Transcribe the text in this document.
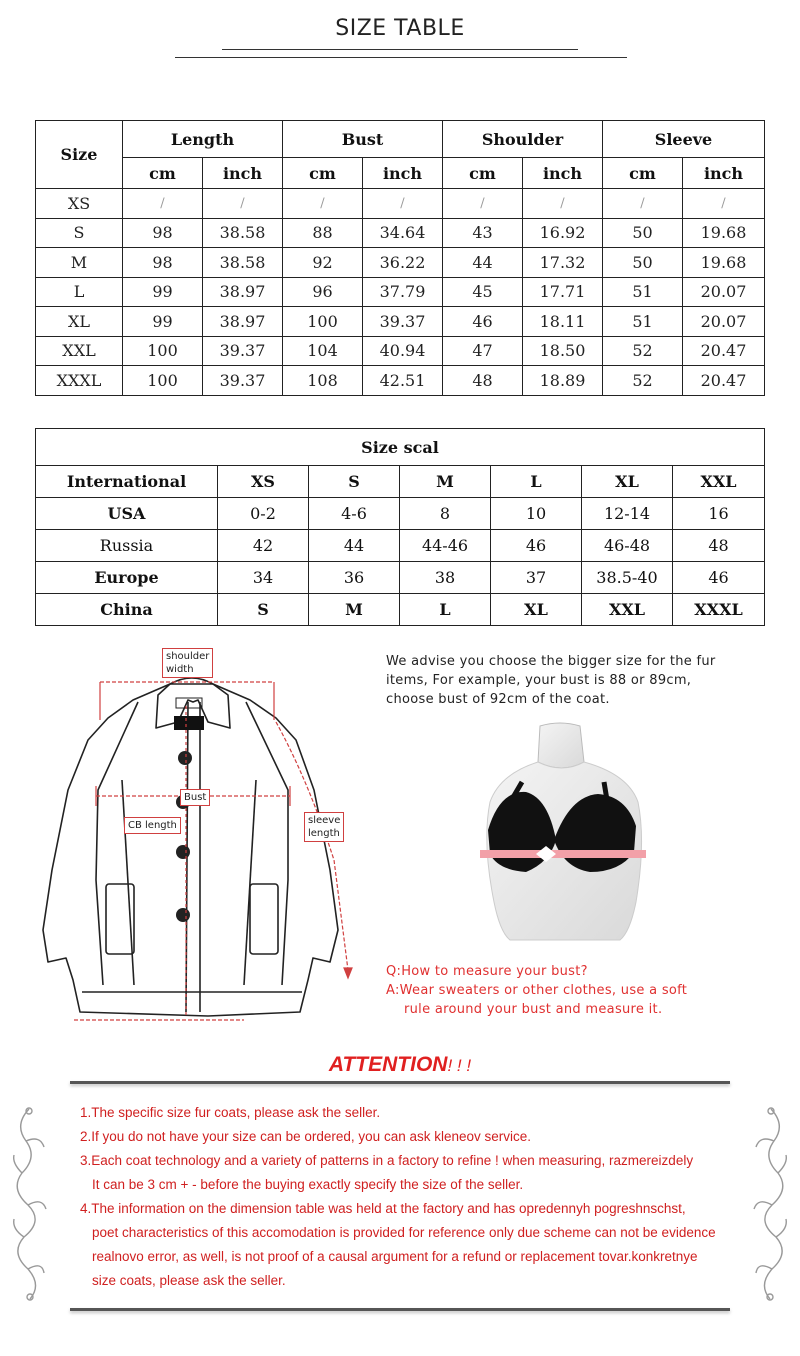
SIZE TABLE
Size	Length		Bust		Shoulder		Sleeve	
	cm	inch	cm	inch	cm	inch	cm	inch
XS	/	/	/	/	/	/	/	/
S	98	38.58	88	34.64	43	16.92	50	19.68
M	98	38.58	92	36.22	44	17.32	50	19.68
L	99	38.97	96	37.79	45	17.71	51	20.07
XL	99	38.97	100	39.37	46	18.11	51	20.07
XXL	100	39.37	104	40.94	47	18.50	52	20.47
XXXL	100	39.37	108	42.51	48	18.89	52	20.47
Size scal						
International	XS	S	M	L	XL	XXL
USA	0-2	4-6	8	10	12-14	16
Russia	42	44	44-46	46	46-48	48
Europe	34	36	38	37	38.5-40	46
China	S	M	L	XL	XXL	XXXL
shoulder
width
Bust
CB length	sleeve
length
We advise you choose the bigger size for the fur
items, For example, your bust is 88 or 89cm,
choose bust of 92cm of the coat.
Q:How to measure your bust?
A:Wear sweaters or other clothes, use a soft
rule around your bust and measure it.
ATTENTION! ! !
1.The specific size fur coats, please ask the seller.
2.If you do not have your size can be ordered, you can ask kleneov service.
3.Each coat technology and a variety of patterns in a factory to refine ! when measuring, razmereizdely
It can be 3 cm + - before the buying exactly specify the size of the seller.
4.The information on the dimension table was held at the factory and has opredennyh pogreshnschst,
poet characteristics of this accomodation is provided for reference only due scheme can not be evidence
realnovo error, as well, is not proof of a causal argument for a refund or replacement tovar.konkretnye
size coats, please ask the seller.
